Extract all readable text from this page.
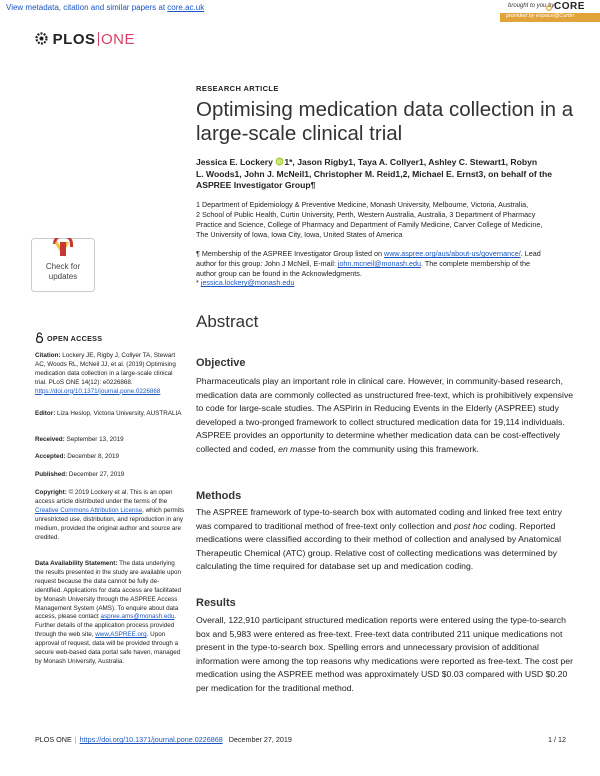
View metadata, citation and similar papers at core.ac.uk	brought to you by CORE
provided by espace@Curtin
PLOS ONE
RESEARCH ARTICLE
Optimising medication data collection in a
large-scale clinical trial
Jessica E. Lockery iD 1*, Jason Rigby1, Taya A. Collyer1, Ashley C. Stewart1, Robyn
L. Woods1, John J. McNeil1, Christopher M. Reid1,2, Michael E. Ernst3, on behalf of the
ASPREE Investigator Group¶
1 Department of Epidemiology & Preventive Medicine, Monash University, Melbourne, Victoria, Australia,
2 School of Public Health, Curtin University, Perth, Western Australia, Australia, 3 Department of Pharmacy
Practice and Science, College of Pharmacy and Department of Family Medicine, Carver College of Medicine,
The University of Iowa, Iowa City, Iowa, United States of America
¶ Membership of the ASPREE Investigator Group listed on www.aspree.org/aus/about-us/governance/. Lead
author for this group: John J McNeil, E-mail: john.mcneil@monash.edu. The complete membership of the
author group can be found in the Acknowledgments.
* jessica.lockery@monash.edu
Check for
updates
OPEN ACCESS
Citation: Lockery JE, Rigby J, Collyer TA, Stewart AC, Woods RL, McNeil JJ, et al. (2019) Optimising medication data collection in a large-scale clinical trial. PLoS ONE 14(12): e0226868. https://doi.org/10.1371/journal.pone.0226868
Editor: Liza Heslop, Victoria University, AUSTRALIA
Received: September 13, 2019
Accepted: December 8, 2019
Published: December 27, 2019
Copyright: © 2019 Lockery et al. This is an open access article distributed under the terms of the Creative Commons Attribution License, which permits unrestricted use, distribution, and reproduction in any medium, provided the original author and source are credited.
Data Availability Statement: The data underlying the results presented in the study are available upon request because the data cannot be fully de-identified. Applications for data access are facilitated by Monash University through the ASPREE Access Management System (AMS). To enquire about data access, please contact aspree.ams@monash.edu. Further details of the application process provided through the web site, www.ASPREE.org. Upon approval of request, data will be provided through a secure web-based data portal safe haven, managed by Monash University, Australia.
Abstract
Objective
Pharmaceuticals play an important role in clinical care. However, in community-based research, medication data are commonly collected as unstructured free-text, which is prohibitively expensive to code for large-scale studies. The ASPirin in Reducing Events in the Elderly (ASPREE) study developed a two-pronged framework to collect structured medication data for 19,114 individuals. ASPREE provides an opportunity to determine whether medication data can be cost-effectively collected and coded, en masse from the community using this framework.
Methods
The ASPREE framework of type-to-search box with automated coding and linked free text entry was compared to traditional method of free-text only collection and post hoc coding. Reported medications were classified according to their method of collection and analysed by Anatomical Therapeutic Chemical (ATC) group. Relative cost of collecting medications was determined by calculating the time required for database set up and medication coding.
Results
Overall, 122,910 participant structured medication reports were entered using the type-to-search box and 5,983 were entered as free-text. Free-text data contributed 211 unique medications not present in the type-to-search box. Spelling errors and unnecessary provision of additional information were among the top reasons why medications were reported as free-text. The cost per medication using the ASPREE method was approximately USD $0.03 compared with USD $0.20 per medication for the traditional method.
PLOS ONE | https://doi.org/10.1371/journal.pone.0226868 December 27, 2019	1 / 12
